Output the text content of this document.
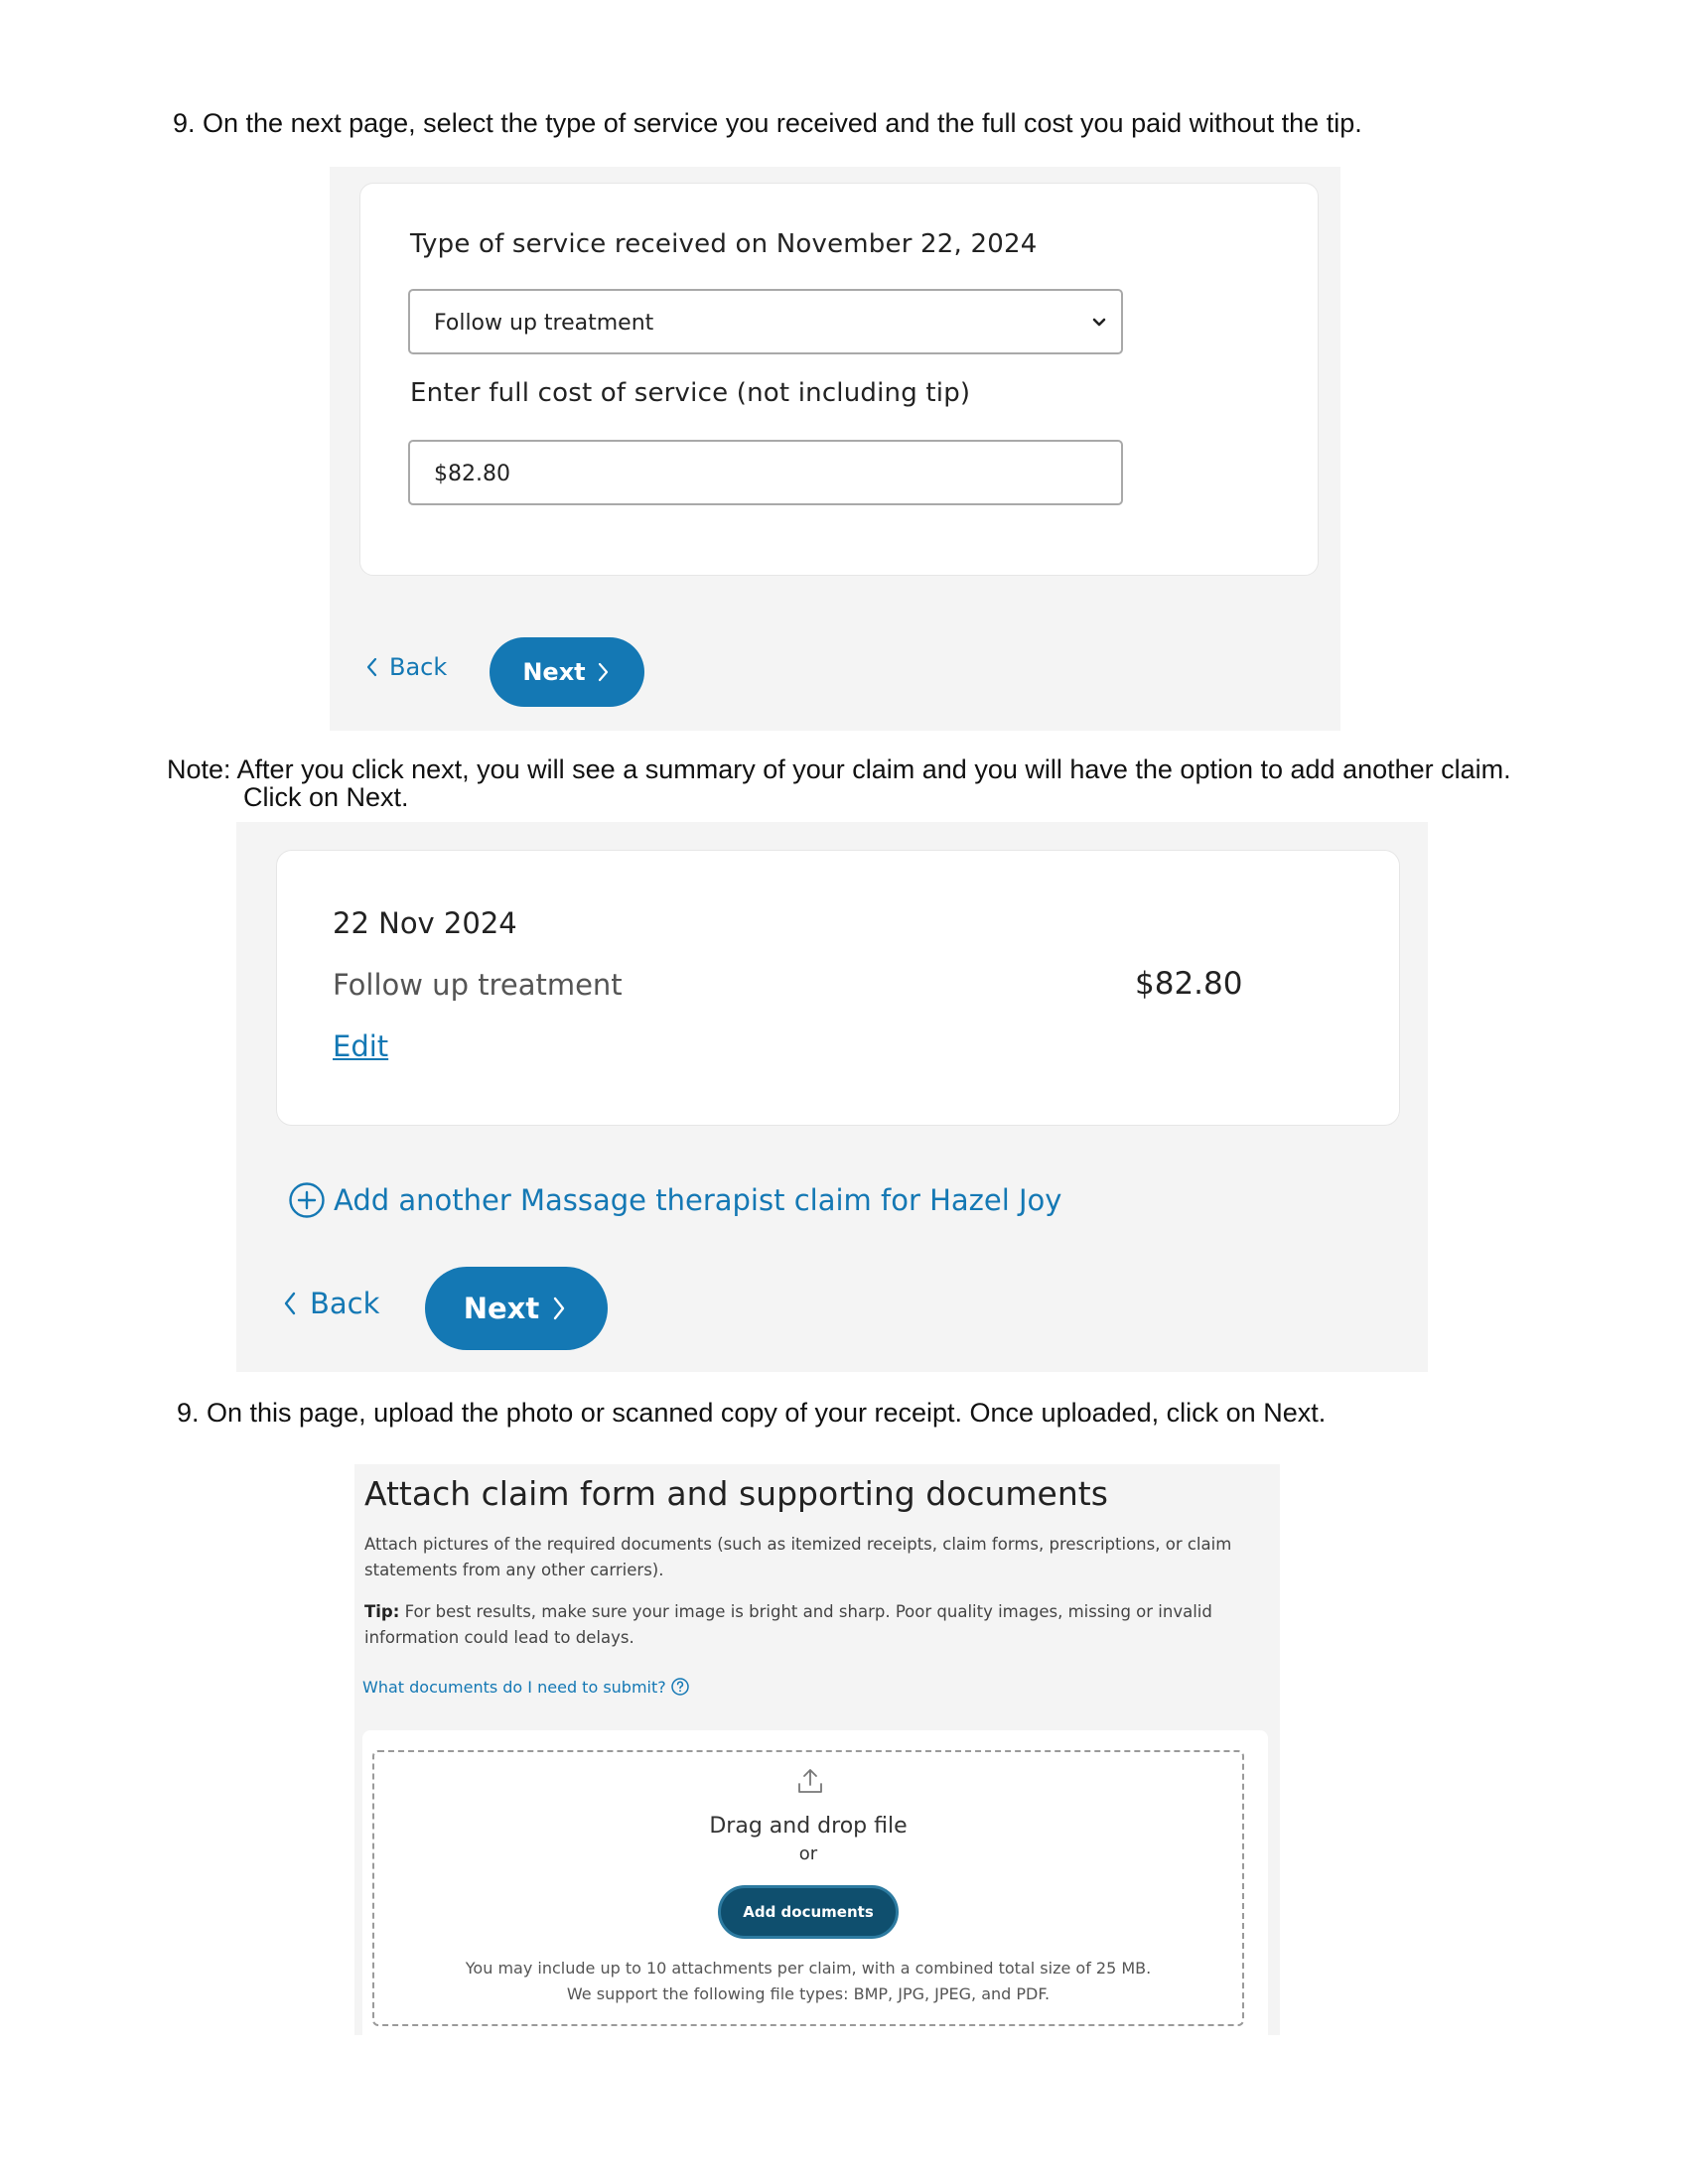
9. On the next page, select the type of service you received and the full cost you paid without the tip.
Type of service received on November 22, 2024
Follow up treatment
Enter full cost of service (not including tip)
$82.80
Back	Next
Note: After you click next, you will see a summary of your claim and you will have the option to add another claim.
Click on Next.
22 Nov 2024
Follow up treatment	$82.80
Edit
Add another Massage therapist claim for Hazel Joy
Back	Next
9. On this page, upload the photo or scanned copy of your receipt. Once uploaded, click on Next.
Attach claim form and supporting documents
Attach pictures of the required documents (such as itemized receipts, claim forms, prescriptions, or claim statements from any other carriers).
Tip: For best results, make sure your image is bright and sharp. Poor quality images, missing or invalid information could lead to delays.
What documents do I need to submit?
Drag and drop file
or
Add documents
You may include up to 10 attachments per claim, with a combined total size of 25 MB.
We support the following file types: BMP, JPG, JPEG, and PDF.
